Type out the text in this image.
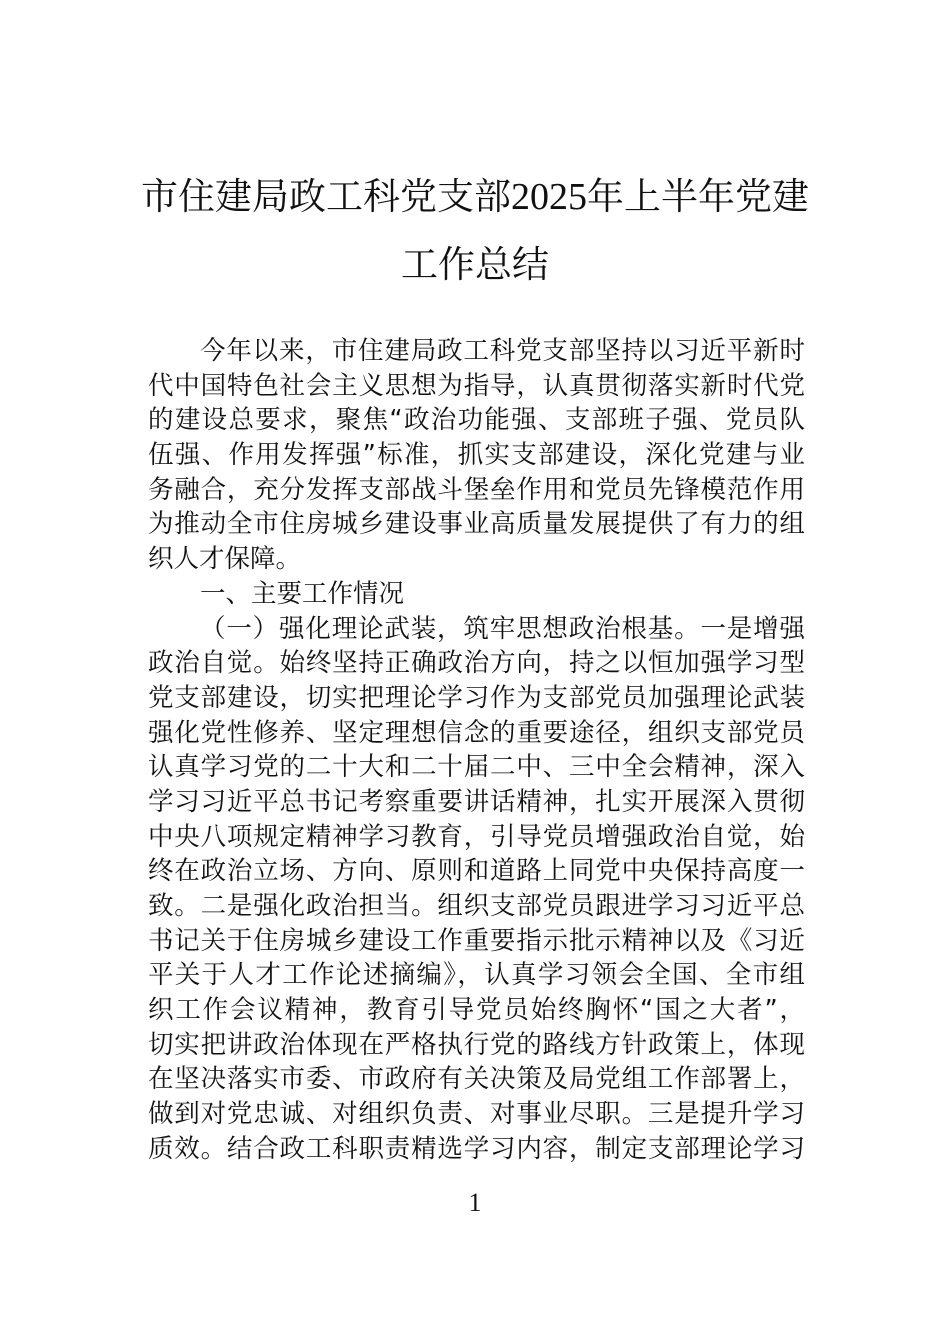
市住建局政工科党支部2025年上半年党建
工作总结
今年以来，市住建局政工科党支部坚持以习近平新时
代中国特色社会主义思想为指导，认真贯彻落实新时代党
的建设总要求，聚焦“政治功能强、支部班子强、党员队
伍强、作用发挥强”标准，抓实支部建设，深化党建与业
务融合，充分发挥支部战斗堡垒作用和党员先锋模范作用
为推动全市住房城乡建设事业高质量发展提供了有力的组
织人才保障。
一、主要工作情况
（一）强化理论武装，筑牢思想政治根基。一是增强
政治自觉。始终坚持正确政治方向，持之以恒加强学习型
党支部建设，切实把理论学习作为支部党员加强理论武装
强化党性修养、坚定理想信念的重要途径，组织支部党员
认真学习党的二十大和二十届二中、三中全会精神，深入
学习习近平总书记考察重要讲话精神，扎实开展深入贯彻
中央八项规定精神学习教育，引导党员增强政治自觉，始
终在政治立场、方向、原则和道路上同党中央保持高度一
致。二是强化政治担当。组织支部党员跟进学习习近平总
书记关于住房城乡建设工作重要指示批示精神以及《习近
平关于人才工作论述摘编》，认真学习领会全国、全市组
织工作会议精神，教育引导党员始终胸怀“国之大者”，
切实把讲政治体现在严格执行党的路线方针政策上，体现
在坚决落实市委、市政府有关决策及局党组工作部署上，
做到对党忠诚、对组织负责、对事业尽职。三是提升学习
质效。结合政工科职责精选学习内容，制定支部理论学习
1
